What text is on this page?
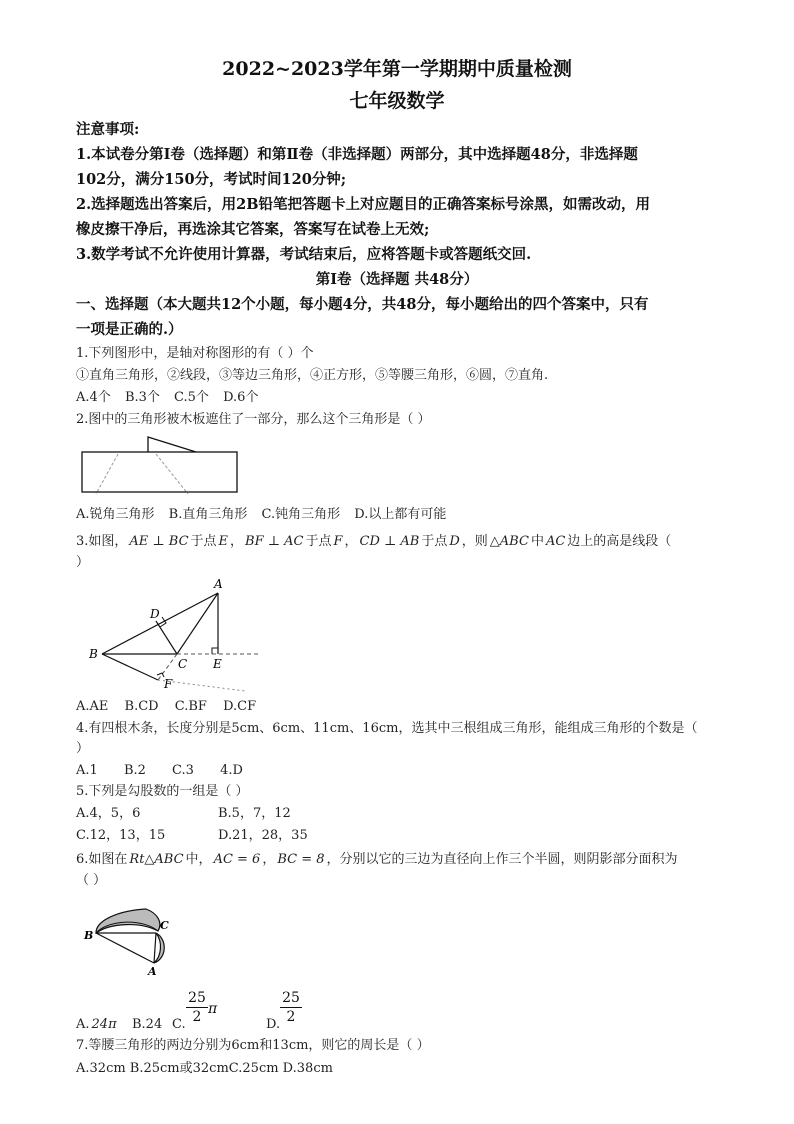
2022~2023学年第一学期期中质量检测
七年级数学
注意事项:
1.本试卷分第Ⅰ卷（选择题）和第Ⅱ卷（非选择题）两部分，其中选择题48分，非选择题
102分，满分150分，考试时间120分钟;
2.选择题选出答案后，用2B铅笔把答题卡上对应题目的正确答案标号涂黑，如需改动，用
橡皮擦干净后，再选涂其它答案，答案写在试卷上无效;
3.数学考试不允许使用计算器，考试结束后，应将答题卡或答题纸交回.
第Ⅰ卷（选择题 共48分）
一、选择题（本大题共12个小题，每小题4分，共48分，每小题给出的四个答案中，只有
一项是正确的.）
1.下列图形中，是轴对称图形的有（ ）个
①直角三角形，②线段，③等边三角形，④正方形，⑤等腰三角形，⑥圆，⑦直角.
A.4个 B.3个 C.5个 D.6个
2.图中的三角形被木板遮住了一部分，那么这个三角形是（ ）
A.锐角三角形 B.直角三角形 C.钝角三角形 D.以上都有可能
3.如图， AE ⊥ BC 于点 E ， BF ⊥ AC 于点 F ， CD ⊥ AB 于点 D ，则 △ABC 中 AC 边上的高是线段（
）
A
B
C
D
E
F
A.AE B.CD C.BF D.CF
4.有四根木条，长度分别是5cm、6cm、11cm、16cm，选其中三根组成三角形，能组成三角形的个数是（
）
A.1 B.2 C.3 4.D
5.下列是勾股数的一组是（ ）
A.4，5，6	B.5，7，12
C.12，13，15	D.21，28，35
6.如图在 Rt△ABC 中， AC = 6 ， BC = 8 ，分别以它的三边为直径向上作三个半圆，则阴影部分面积为
（ ）
B
C
A
A. 24π B.24 C.
25
2 π
D.
25
2
7.等腰三角形的两边分别为6cm和13cm，则它的周长是（ ）
A.32cm B.25cm或32cmC.25cm D.38cm
